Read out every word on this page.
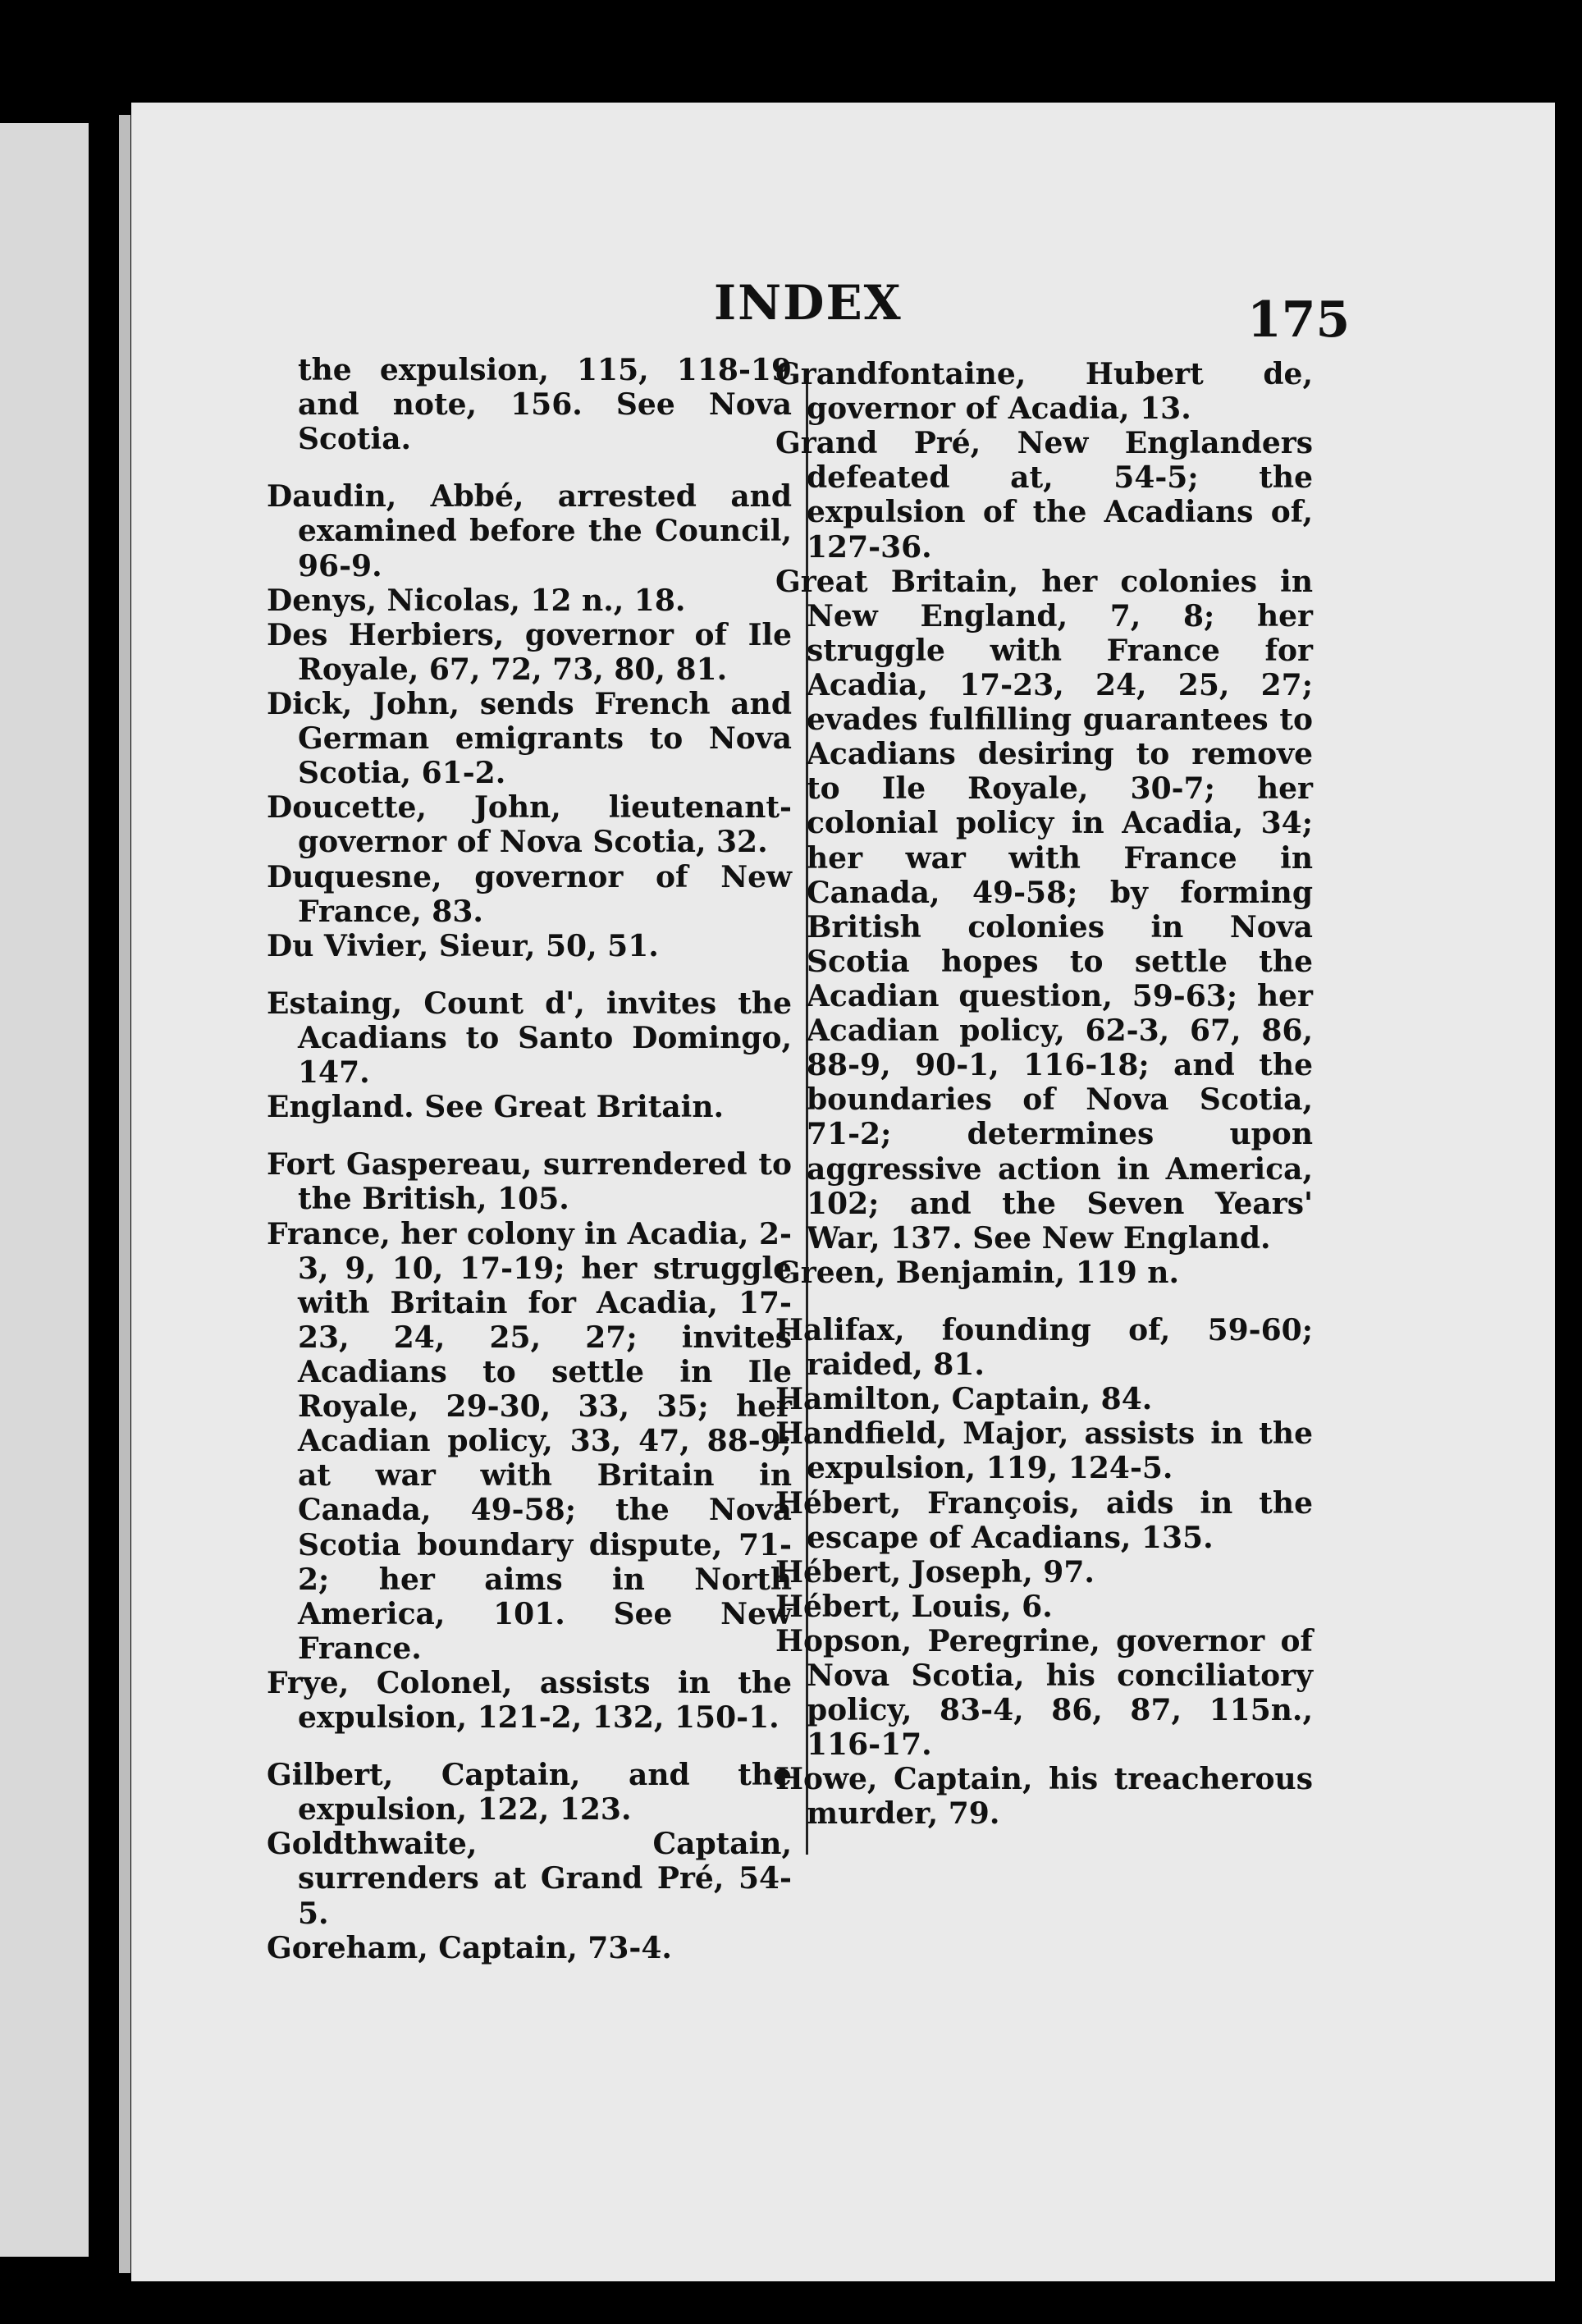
INDEX	175

the expulsion, 115, 118-19 and note, 156. See Nova Scotia.

Daudin, Abbé, arrested and examined before the Council, 96-9.

Denys, Nicolas, 12 n., 18.

Des Herbiers, governor of Ile Royale, 67, 72, 73, 80, 81.

Dick, John, sends French and German emigrants to Nova Scotia, 61-2.

Doucette, John, lieutenant-governor of Nova Scotia, 32.

Duquesne, governor of New France, 83.

Du Vivier, Sieur, 50, 51.

Estaing, Count d', invites the Acadians to Santo Domingo, 147.

England. See Great Britain.

Fort Gaspereau, surrendered to the British, 105.

France, her colony in Acadia, 2-3, 9, 10, 17-19; her struggle with Britain for Acadia, 17-23, 24, 25, 27; invites Acadians to settle in Ile Royale, 29-30, 33, 35; her Acadian policy, 33, 47, 88-9; at war with Britain in Canada, 49-58; the Nova Scotia boundary dispute, 71-2; her aims in North America, 101. See New France.

Frye, Colonel, assists in the expulsion, 121-2, 132, 150-1.

Gilbert, Captain, and the expulsion, 122, 123.

Goldthwaite, Captain, surrenders at Grand Pré, 54-5.

Goreham, Captain, 73-4.

Grandfontaine, Hubert de, governor of Acadia, 13.

Grand Pré, New Englanders defeated at, 54-5; the expulsion of the Acadians of, 127-36.

Great Britain, her colonies in New England, 7, 8; her struggle with France for Acadia, 17-23, 24, 25, 27; evades fulfilling guarantees to Acadians desiring to remove to Ile Royale, 30-7; her colonial policy in Acadia, 34; her war with France in Canada, 49-58; by forming British colonies in Nova Scotia hopes to settle the Acadian question, 59-63; her Acadian policy, 62-3, 67, 86, 88-9, 90-1, 116-18; and the boundaries of Nova Scotia, 71-2; determines upon aggressive action in America, 102; and the Seven Years' War, 137. See New England.

Green, Benjamin, 119 n.

Halifax, founding of, 59-60; raided, 81.

Hamilton, Captain, 84.

Handfield, Major, assists in the expulsion, 119, 124-5.

Hébert, François, aids in the escape of Acadians, 135.

Hébert, Joseph, 97.

Hébert, Louis, 6.

Hopson, Peregrine, governor of Nova Scotia, his conciliatory policy, 83-4, 86, 87, 115n., 116-17.

Howe, Captain, his treacherous murder, 79.
